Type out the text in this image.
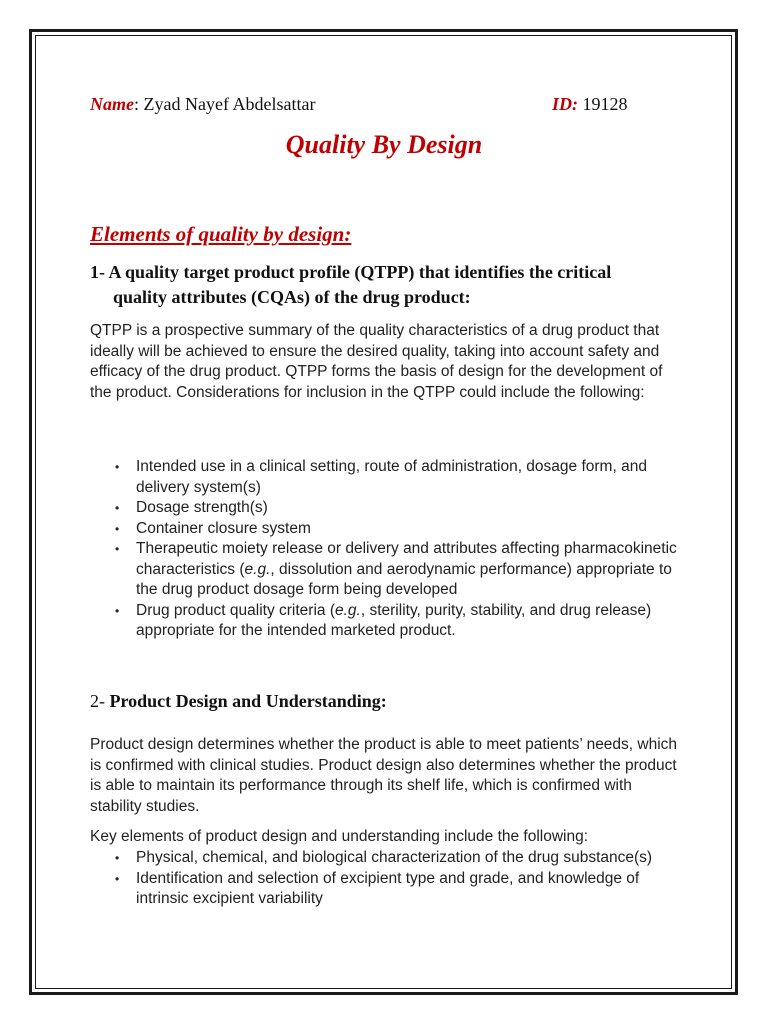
Name: Zyad Nayef Abdelsattar	ID: 19128
Quality By Design
Elements of quality by design:
1- A quality target product profile (QTPP) that identifies the critical
quality attributes (CQAs) of the drug product:

QTPP is a prospective summary of the quality characteristics of a drug product that ideally will be achieved to ensure the desired quality, taking into account safety and efficacy of the drug product. QTPP forms the basis of design for the development of the product. Considerations for inclusion in the QTPP could include the following:

• Intended use in a clinical setting, route of administration, dosage form, and delivery system(s)
• Dosage strength(s)
• Container closure system
• Therapeutic moiety release or delivery and attributes affecting pharmacokinetic characteristics (e.g., dissolution and aerodynamic performance) appropriate to the drug product dosage form being developed
• Drug product quality criteria (e.g., sterility, purity, stability, and drug release) appropriate for the intended marketed product.
2- Product Design and Understanding:

Product design determines whether the product is able to meet patients’ needs, which is confirmed with clinical studies. Product design also determines whether the product is able to maintain its performance through its shelf life, which is confirmed with stability studies.

Key elements of product design and understanding include the following:

• Physical, chemical, and biological characterization of the drug substance(s)
• Identification and selection of excipient type and grade, and knowledge of intrinsic excipient variability
